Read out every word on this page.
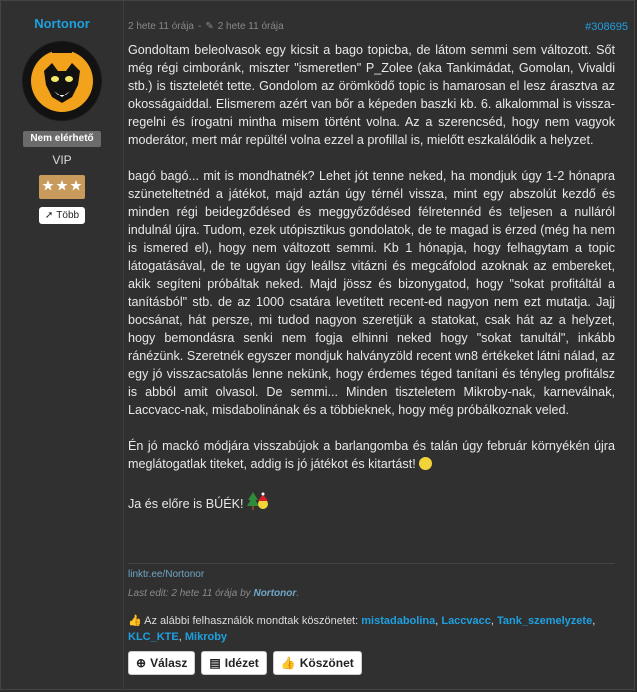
Nortonor
Nem elérhető
VIP
➚ Több
2 hete 11 órája - ✎ 2 hete 11 órája	#308695

Gondoltam beleolvasok egy kicsit a bago topicba, de látom semmi sem változott. Sőt még régi cimboránk, miszter "ismeretlen" P_Zolee (aka Tankimádat, Gomolan, Vivaldi stb.) is tiszteletét tette. Gondolom az örömködő topic is hamarosan el lesz árasztva az okosságaiddal. Elismerem azért van bőr a képeden baszki kb. 6. alkalommal is vissza-regelni és írogatni mintha misem történt volna. Az a szerencséd, hogy nem vagyok moderátor, mert már repültél volna ezzel a profillal is, mielőtt eszkalálódik a helyzet.

bagó bagó... mit is mondhatnék? Lehet jót tenne neked, ha mondjuk úgy 1-2 hónapra szüneteltetnéd a játékot, majd aztán úgy térnél vissza, mint egy abszolút kezdő és minden régi beidegződésed és meggyőződésed félretennéd és teljesen a nulláról indulnál újra. Tudom, ezek utópisztikus gondolatok, de te magad is érzed (még ha nem is ismered el), hogy nem változott semmi. Kb 1 hónapja, hogy felhagytam a topic látogatásával, de te ugyan úgy leállsz vitázni és megcáfolod azoknak az embereket, akik segíteni próbáltak neked. Majd jössz és bizonygatod, hogy "sokat profitáltál a tanításból" stb. de az 1000 csatára levetített recent-ed nagyon nem ezt mutatja. Jajj bocsánat, hát persze, mi tudod nagyon szeretjük a statokat, csak hát az a helyzet, hogy bemondásra senki nem fogja elhinni neked hogy "sokat tanultál", inkább ránézünk. Szeretnék egyszer mondjuk halványzöld recent wn8 értékeket látni nálad, az egy jó visszacsatolás lenne nekünk, hogy érdemes téged tanítani és tényleg profitálsz is abból amit olvasol. De semmi... Minden tiszteletem Mikroby-nak, karneválnak, Laccvacc-nak, misdabolinának és a többieknek, hogy még próbálkoznak veled.

Én jó mackó módjára visszabújok a barlangomba és talán úgy február környékén újra meglátogatlak titeket, addig is jó játékot és kitartást!

Ja és előre is BÚÉK!

linktr.ee/Nortonor
Last edit: 2 hete 11 órája by Nortonor.
👍 Az alábbi felhasználók mondtak köszönetet: mistadabolina, Laccvacc, Tank_szemelyzete, KLC_KTE, Mikroby
⊕ Válasz ▤ Idézet 👍 Köszönet
